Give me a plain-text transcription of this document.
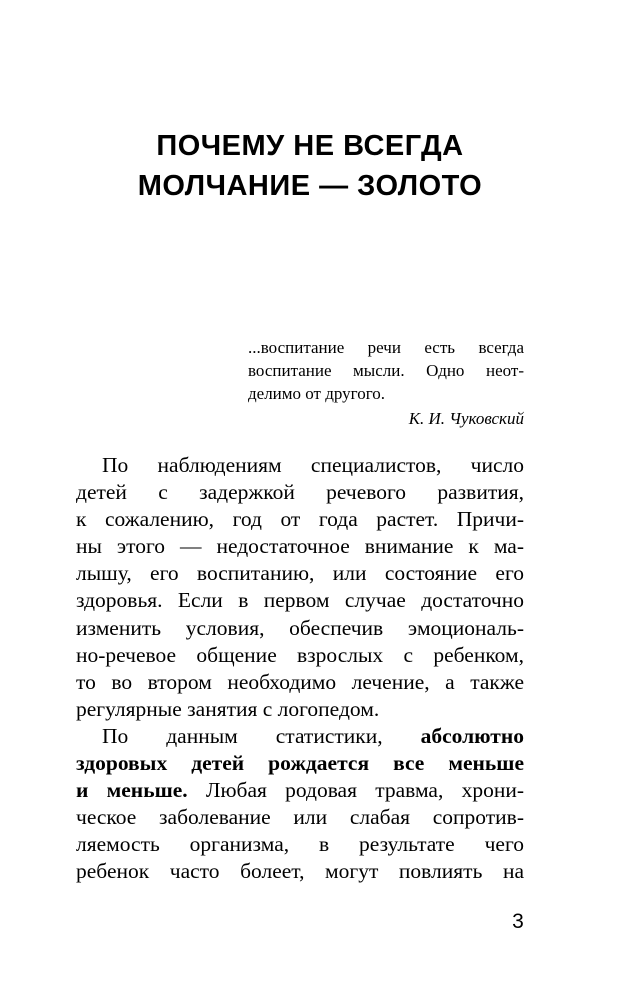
ПОЧЕМУ НЕ ВСЕГДА
МОЛЧАНИЕ — ЗОЛОТО
...воспитание речи есть всегда
воспитание мысли. Одно неот-
делимо от другого.
К. И. Чуковский
По наблюдениям специалистов, число
детей с задержкой речевого развития,
к сожалению, год от года растет. Причи-
ны этого — недостаточное внимание к ма-
лышу, его воспитанию, или состояние его
здоровья. Если в первом случае достаточно
изменить условия, обеспечив эмоциональ-
но-речевое общение взрослых с ребенком,
то во втором необходимо лечение, а также
регулярные занятия с логопедом.
По данным статистики, абсолютно
здоровых детей рождается все меньше
и меньше. Любая родовая травма, хрони-
ческое заболевание или слабая сопротив-
ляемость организма, в результате чего
ребенок часто болеет, могут повлиять на
3
